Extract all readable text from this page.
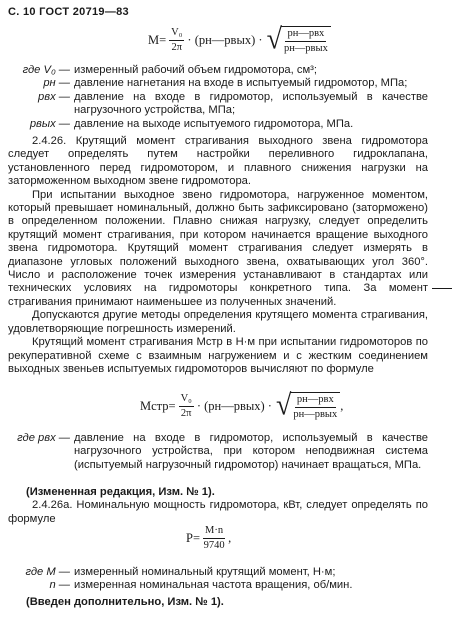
С. 10 ГОСТ 20719—83
$M= \frac{\text{V₀}}{2\pi}$ · (pн—pвых) · √ $\frac{\text{pн—pвх}}{\text{pн—pвых}}$
где V₀ — измеренный рабочий объем гидромотора, см³;
pн — давление нагнетания на входе в испытуемый гидромотор, МПа;
pвх — давление на входе в гидромотор, используемый в качестве нагрузочного устройства, МПа;
pвых — давление на выходе испытуемого гидромотора, МПа.

2.4.26. Крутящий момент страгивания выходного звена гидромотора следует определять путем настройки переливного гидроклапана, установленного перед гидромотором, и плавного снижения нагрузки на заторможенном выходном звене гидромотора.

При испытании выходное звено гидромотора, нагруженное моментом, который превышает номинальный, должно быть зафиксировано (заторможено) в определенном положении. Плавно снижая нагрузку, следует определить крутящий момент страгивания, при котором начинается вращение выходного звена гидромотора. Крутящий момент страгивания следует измерять в диапазоне угловых положений выходного звена, охватывающих угол 360°. Число и расположение точек измерения устанавливают в стандартах или технических условиях на гидромоторы конкретного типа. За момент страгивания принимают наименьшее из полученных значений.

Допускаются другие методы определения крутящего момента страгивания, удовлетворяющие погрешность измерений.

Крутящий момент страгивания Mстр в Н·м при испытании гидромоторов по рекуперативной схеме с взаимным нагружением и с жестким соединением выходных звеньев испытуемых гидромоторов вычисляют по формуле

Mстр= $\frac{\text{V₀}}{2\pi}$ · (pн—pвых) · √ $\frac{\text{pн—pвх}}{\text{pн—pвых}}$ ,
где pвх — давление на входе в гидромотор, используемый в качестве нагрузочного устройства, при котором неподвижная система (испытуемый нагрузочный гидромотор) начинает вращаться, МПа.

(Измененная редакция, Изм. № 1).

2.4.26а. Номинальную мощность гидромотора, кВт, следует определять по формуле

$P= \frac{M\cdot n}{9740}$ ,
где M — измеренный номинальный крутящий момент, Н·м;
n — измеренная номинальная частота вращения, об/мин.

(Введен дополнительно, Изм. № 1).
